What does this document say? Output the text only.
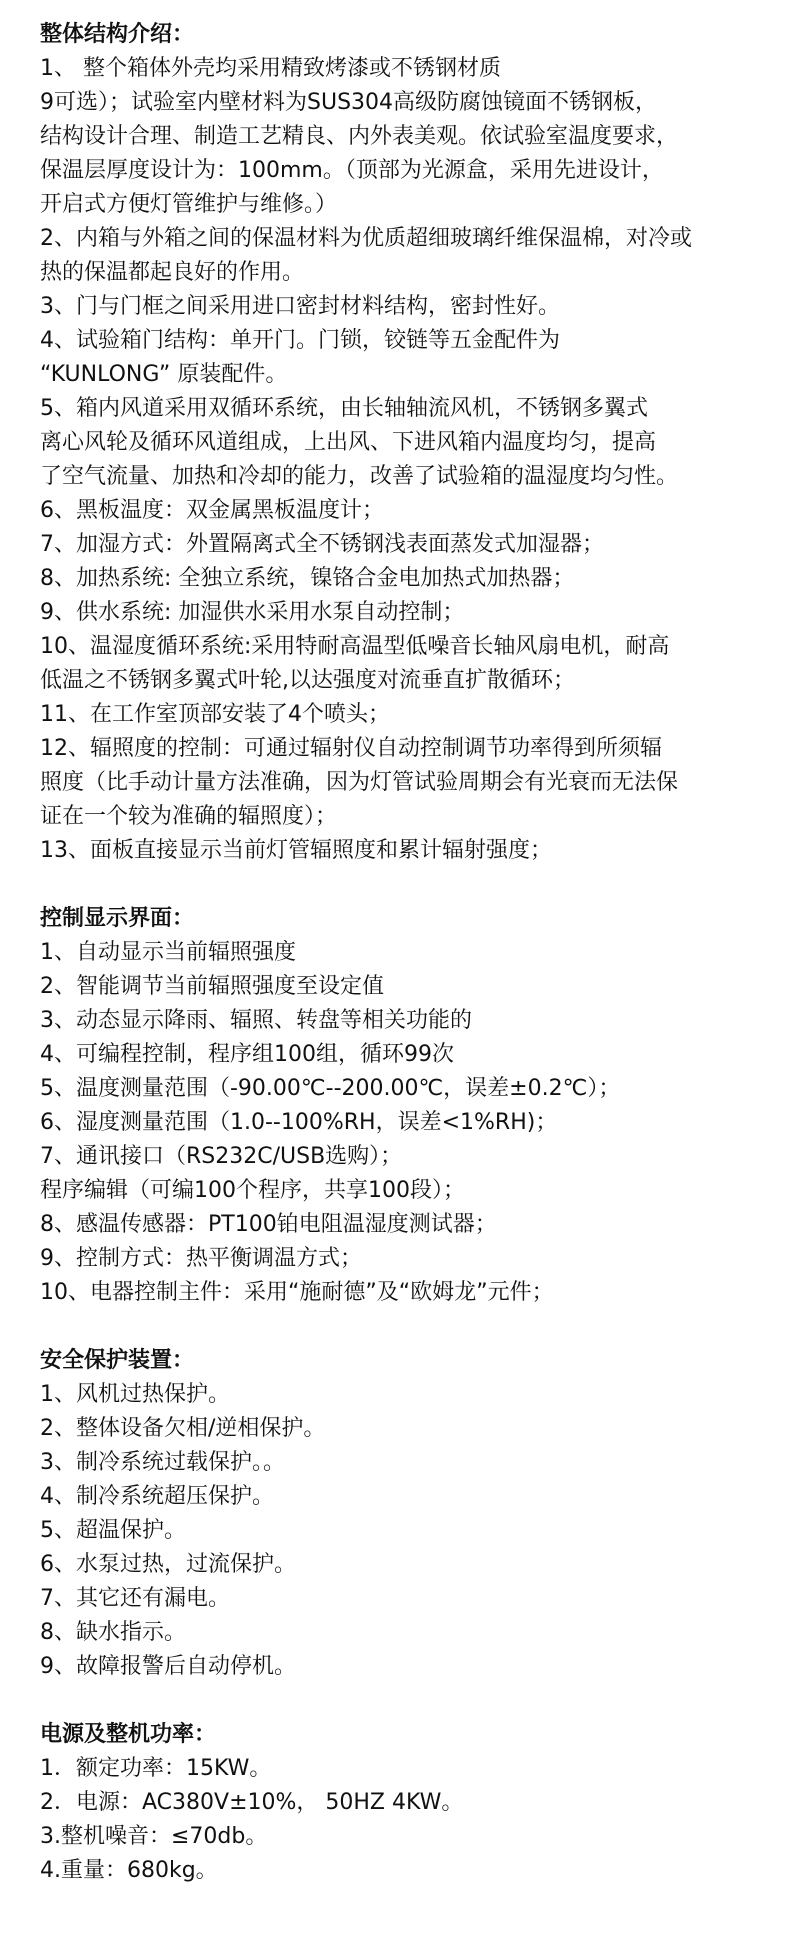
整体结构介绍：

1、 整个箱体外壳均采用精致烤漆或不锈钢材质

9可选）；试验室内壁材料为SUS304高级防腐蚀镜面不锈钢板，

结构设计合理、制造工艺精良、内外表美观。依试验室温度要求，

保温层厚度设计为：100mm。（顶部为光源盒，采用先进设计，

开启式方便灯管维护与维修。）

2、内箱与外箱之间的保温材料为优质超细玻璃纤维保温棉，对冷或

热的保温都起良好的作用。

3、门与门框之间采用进口密封材料结构，密封性好。

4、试验箱门结构：单开门。门锁，铰链等五金配件为

“KUNLONG” 原装配件。

5、箱内风道采用双循环系统，由长轴轴流风机，不锈钢多翼式

离心风轮及循环风道组成，上出风、下进风箱内温度均匀，提高

了空气流量、加热和冷却的能力，改善了试验箱的温湿度均匀性。

6、黑板温度：双金属黑板温度计；

7、加湿方式：外置隔离式全不锈钢浅表面蒸发式加湿器；

8、加热系统: 全独立系统，镍铬合金电加热式加热器；

9、供水系统: 加湿供水采用水泵自动控制；

10、温湿度循环系统:采用特耐高温型低噪音长轴风扇电机，耐高

低温之不锈钢多翼式叶轮,以达强度对流垂直扩散循环；

11、在工作室顶部安装了4个喷头；

12、辐照度的控制：可通过辐射仪自动控制调节功率得到所须辐

照度（比手动计量方法准确，因为灯管试验周期会有光衰而无法保

证在一个较为准确的辐照度）；

13、面板直接显示当前灯管辐照度和累计辐射强度；

控制显示界面：

1、自动显示当前辐照强度

2、智能调节当前辐照强度至设定值

3、动态显示降雨、辐照、转盘等相关功能的

4、可编程控制，程序组100组，循环99次

5、温度测量范围（-90.00℃--200.00℃，误差±0.2℃）；

6、湿度测量范围（1.0--100%RH，误差<1%RH)；

7、通讯接口（RS232C/USB选购）；

程序编辑（可编100个程序，共享100段）；

8、感温传感器：PT100铂电阻温湿度测试器；

9、控制方式：热平衡调温方式；

10、电器控制主件：采用“施耐德”及“欧姆龙”元件；

安全保护装置：

1、风机过热保护。

2、整体设备欠相/逆相保护。

3、制冷系统过载保护。。

4、制冷系统超压保护。

5、超温保护。

6、水泵过热，过流保护。

7、其它还有漏电。

8、缺水指示。

9、故障报警后自动停机。

电源及整机功率：

1．额定功率：15KW。

2．电源：AC380V±10%， 50HZ 4KW。

3.整机噪音：≤70db。

4.重量：680kg。
